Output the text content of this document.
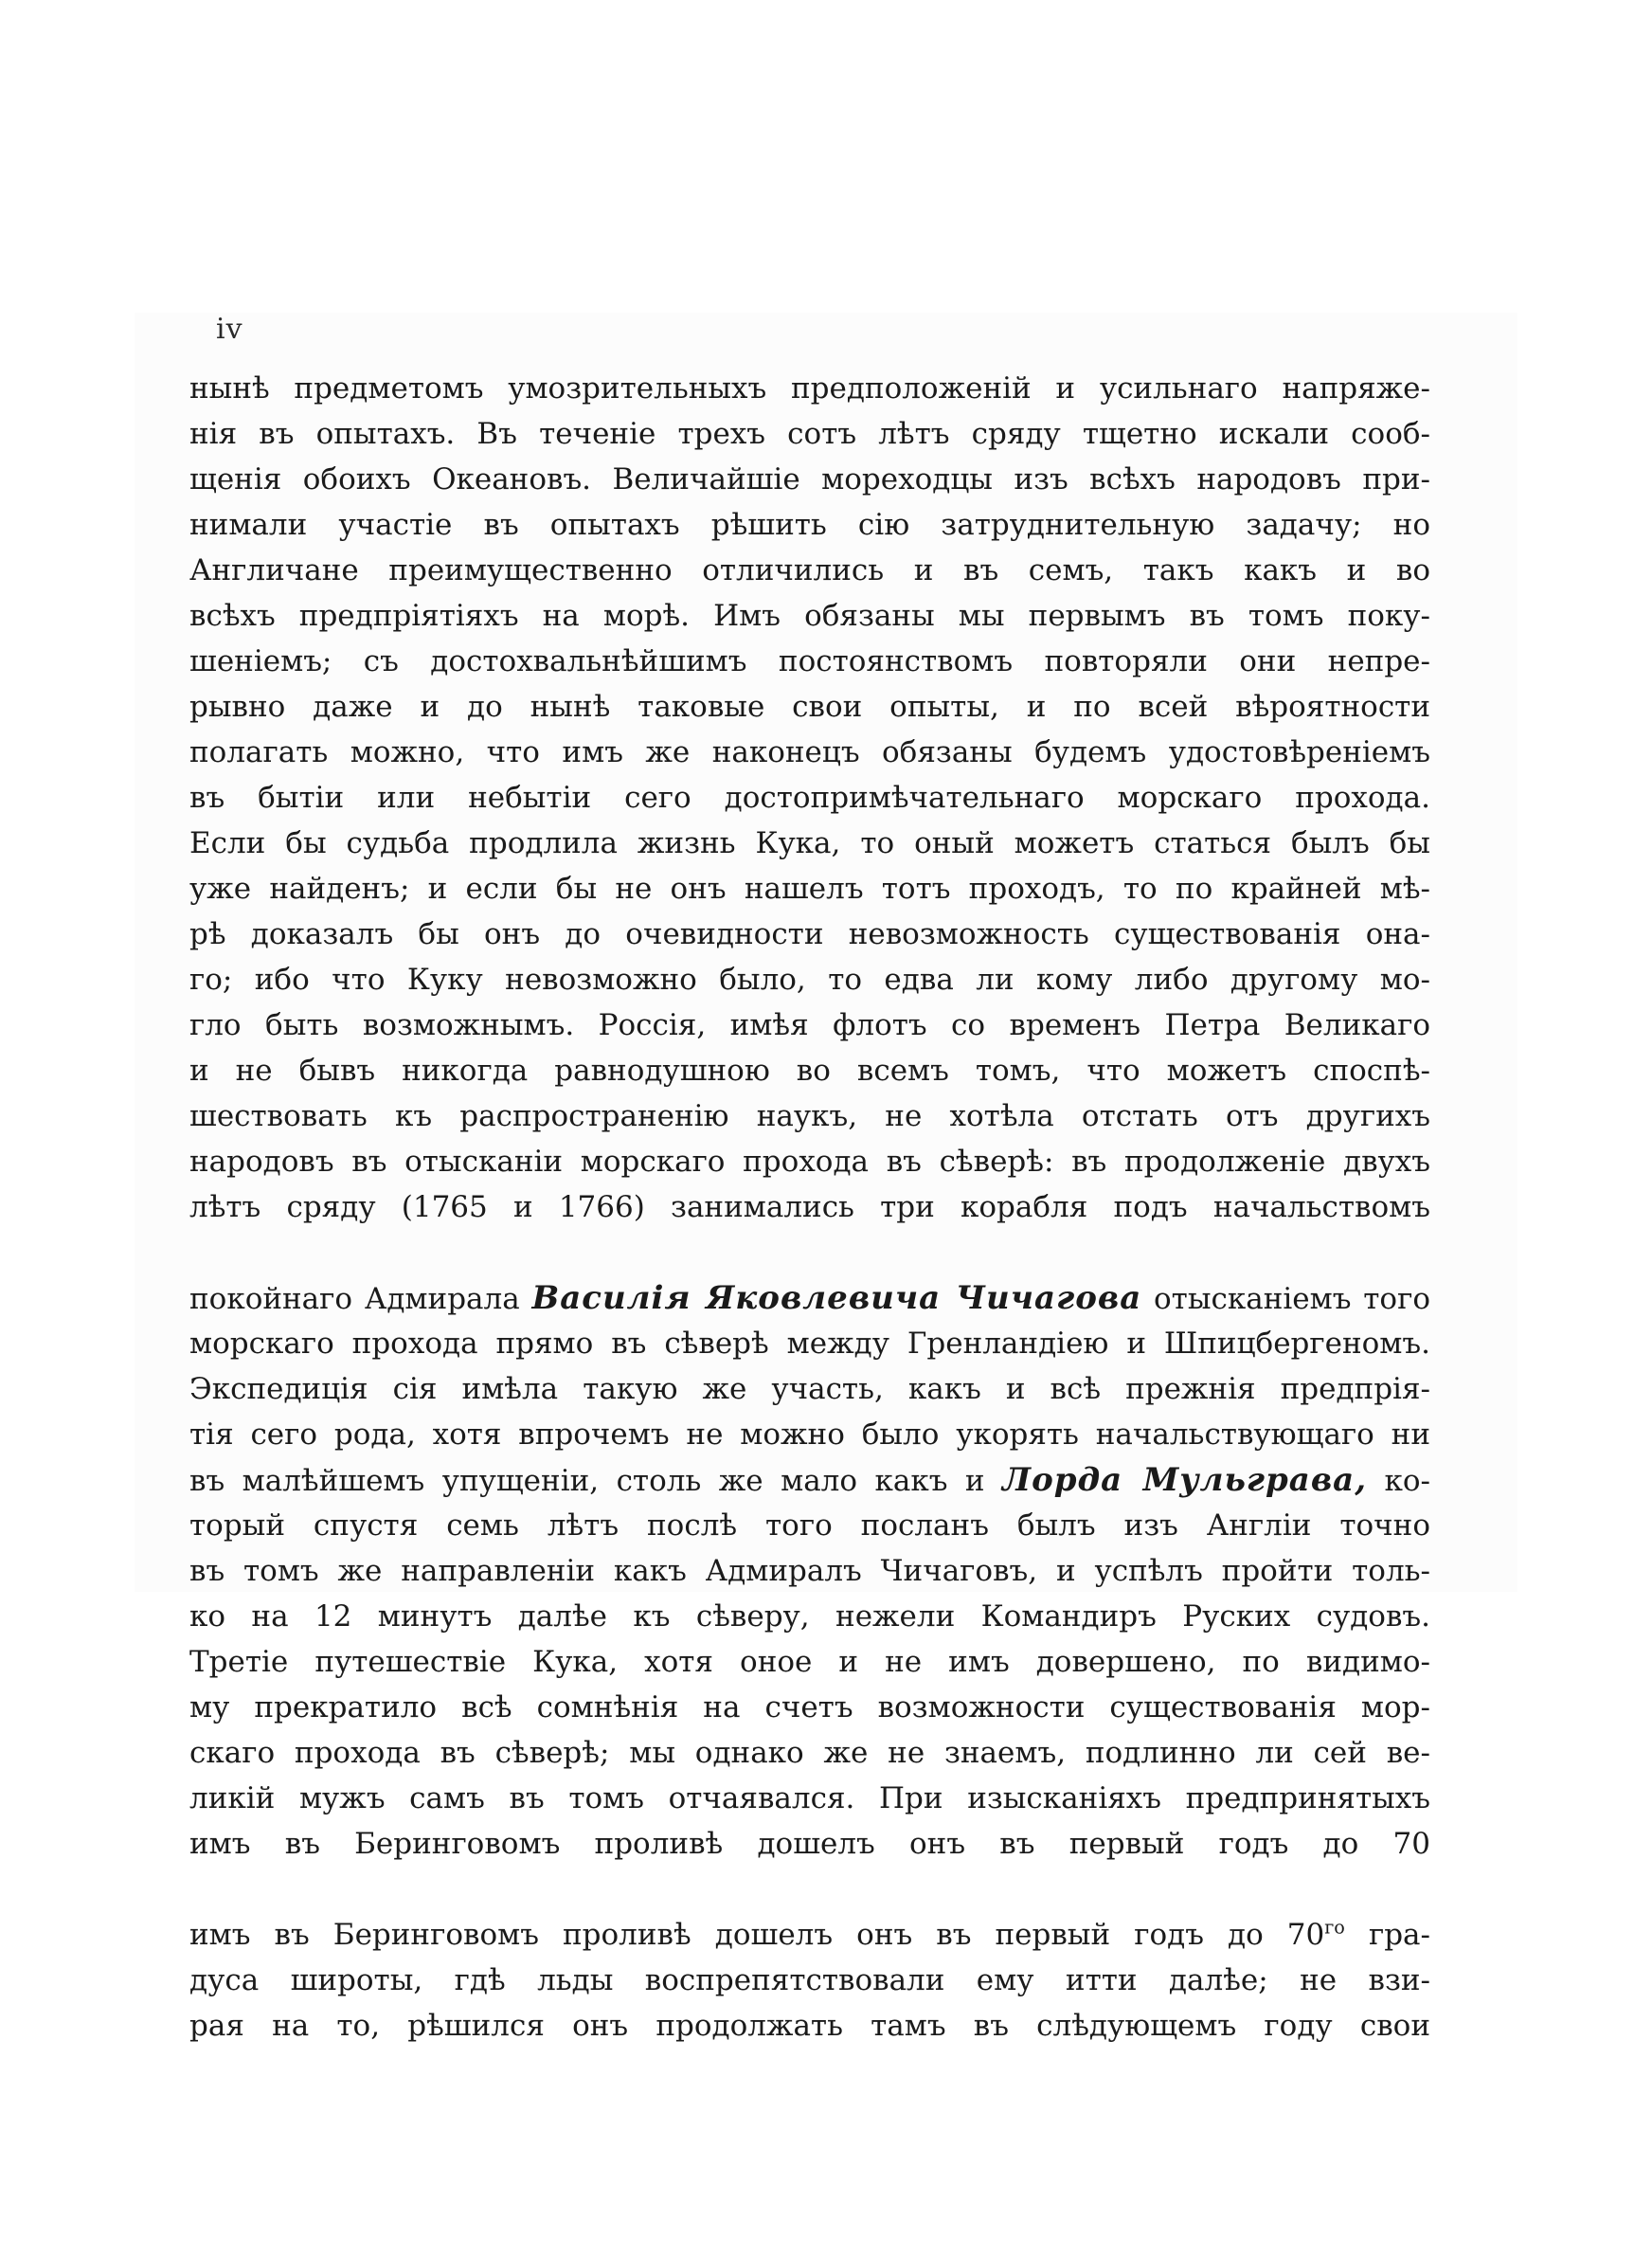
iv
нынѣ предметомъ умозрительныхъ предположеній и усильнаго напряже-
нія въ опытахъ. Въ теченіе трехъ сотъ лѣтъ сряду тщетно искали сооб-
щенія обоихъ Океановъ. Величайшіе мореходцы изъ всѣхъ народовъ при-
нимали участіе въ опытахъ рѣшить сію затруднительную задачу; но
Англичане преимущественно отличились и въ семъ, такъ какъ и во
всѣхъ предпріятіяхъ на морѣ. Имъ обязаны мы первымъ въ томъ поку-
шеніемъ; съ достохвальнѣйшимъ постоянствомъ повторяли они непре-
рывно даже и до нынѣ таковые свои опыты, и по всей вѣроятности
полагать можно, что имъ же наконецъ обязаны будемъ удостовѣреніемъ
въ бытіи или небытіи сего достопримѣчательнаго морскаго прохода.
Если бы судьба продлила жизнь Кука, то оный можетъ статься былъ бы
уже найденъ; и если бы не онъ нашелъ тотъ проходъ, то по крайней мѣ-
рѣ доказалъ бы онъ до очевидности невозможность существованія она-
го; ибо что Куку невозможно было, то едва ли кому либо другому мо-
гло быть возможнымъ. Россія, имѣя флотъ со временъ Петра Великаго
и не бывъ никогда равнодушною во всемъ томъ, что можетъ споспѣ-
шествовать къ распространенію наукъ, не хотѣла отстать отъ другихъ
народовъ въ отысканіи морскаго прохода въ сѣверѣ: въ продолженіе двухъ
лѣтъ сряду (1765 и 1766) занимались три корабля подъ начальствомъ
покойнаго Адмирала Василія Яковлевича Чичагова отысканіемъ того
морскаго прохода прямо въ сѣверѣ между Гренландіею и Шпицбергеномъ.
Экспедиція сія имѣла такую же участь, какъ и всѣ прежнія предпрія-
тія сего рода, хотя впрочемъ не можно было укорять начальствующаго ни
въ малѣйшемъ упущеніи, столь же мало какъ и Лорда Мульграва, ко-
торый спустя семь лѣтъ послѣ того посланъ былъ изъ Англіи точно
въ томъ же направленіи какъ Адмиралъ Чичаговъ, и успѣлъ пройти толь-
ко на 12 минутъ далѣе къ сѣверу, нежели Командиръ Руских судовъ.
Третіе путешествіе Кука, хотя оное и не имъ довершено, по видимо-
му прекратило всѣ сомнѣнія на счетъ возможности существованія мор-
скаго прохода въ сѣверѣ; мы однако же не знаемъ, подлинно ли сей ве-
ликій мужъ самъ въ томъ отчаявался. При изысканіяхъ предпринятыхъ
имъ въ Беринговомъ проливѣ дошелъ онъ въ первый годъ до 70
имъ въ Беринговомъ проливѣ дошелъ онъ въ первый годъ до $70^{го}$ гра-
дуса широты, гдѣ льды воспрепятствовали ему итти далѣе; не взи-
рая на то, рѣшился онъ продолжать тамъ въ слѣдующемъ году свои
